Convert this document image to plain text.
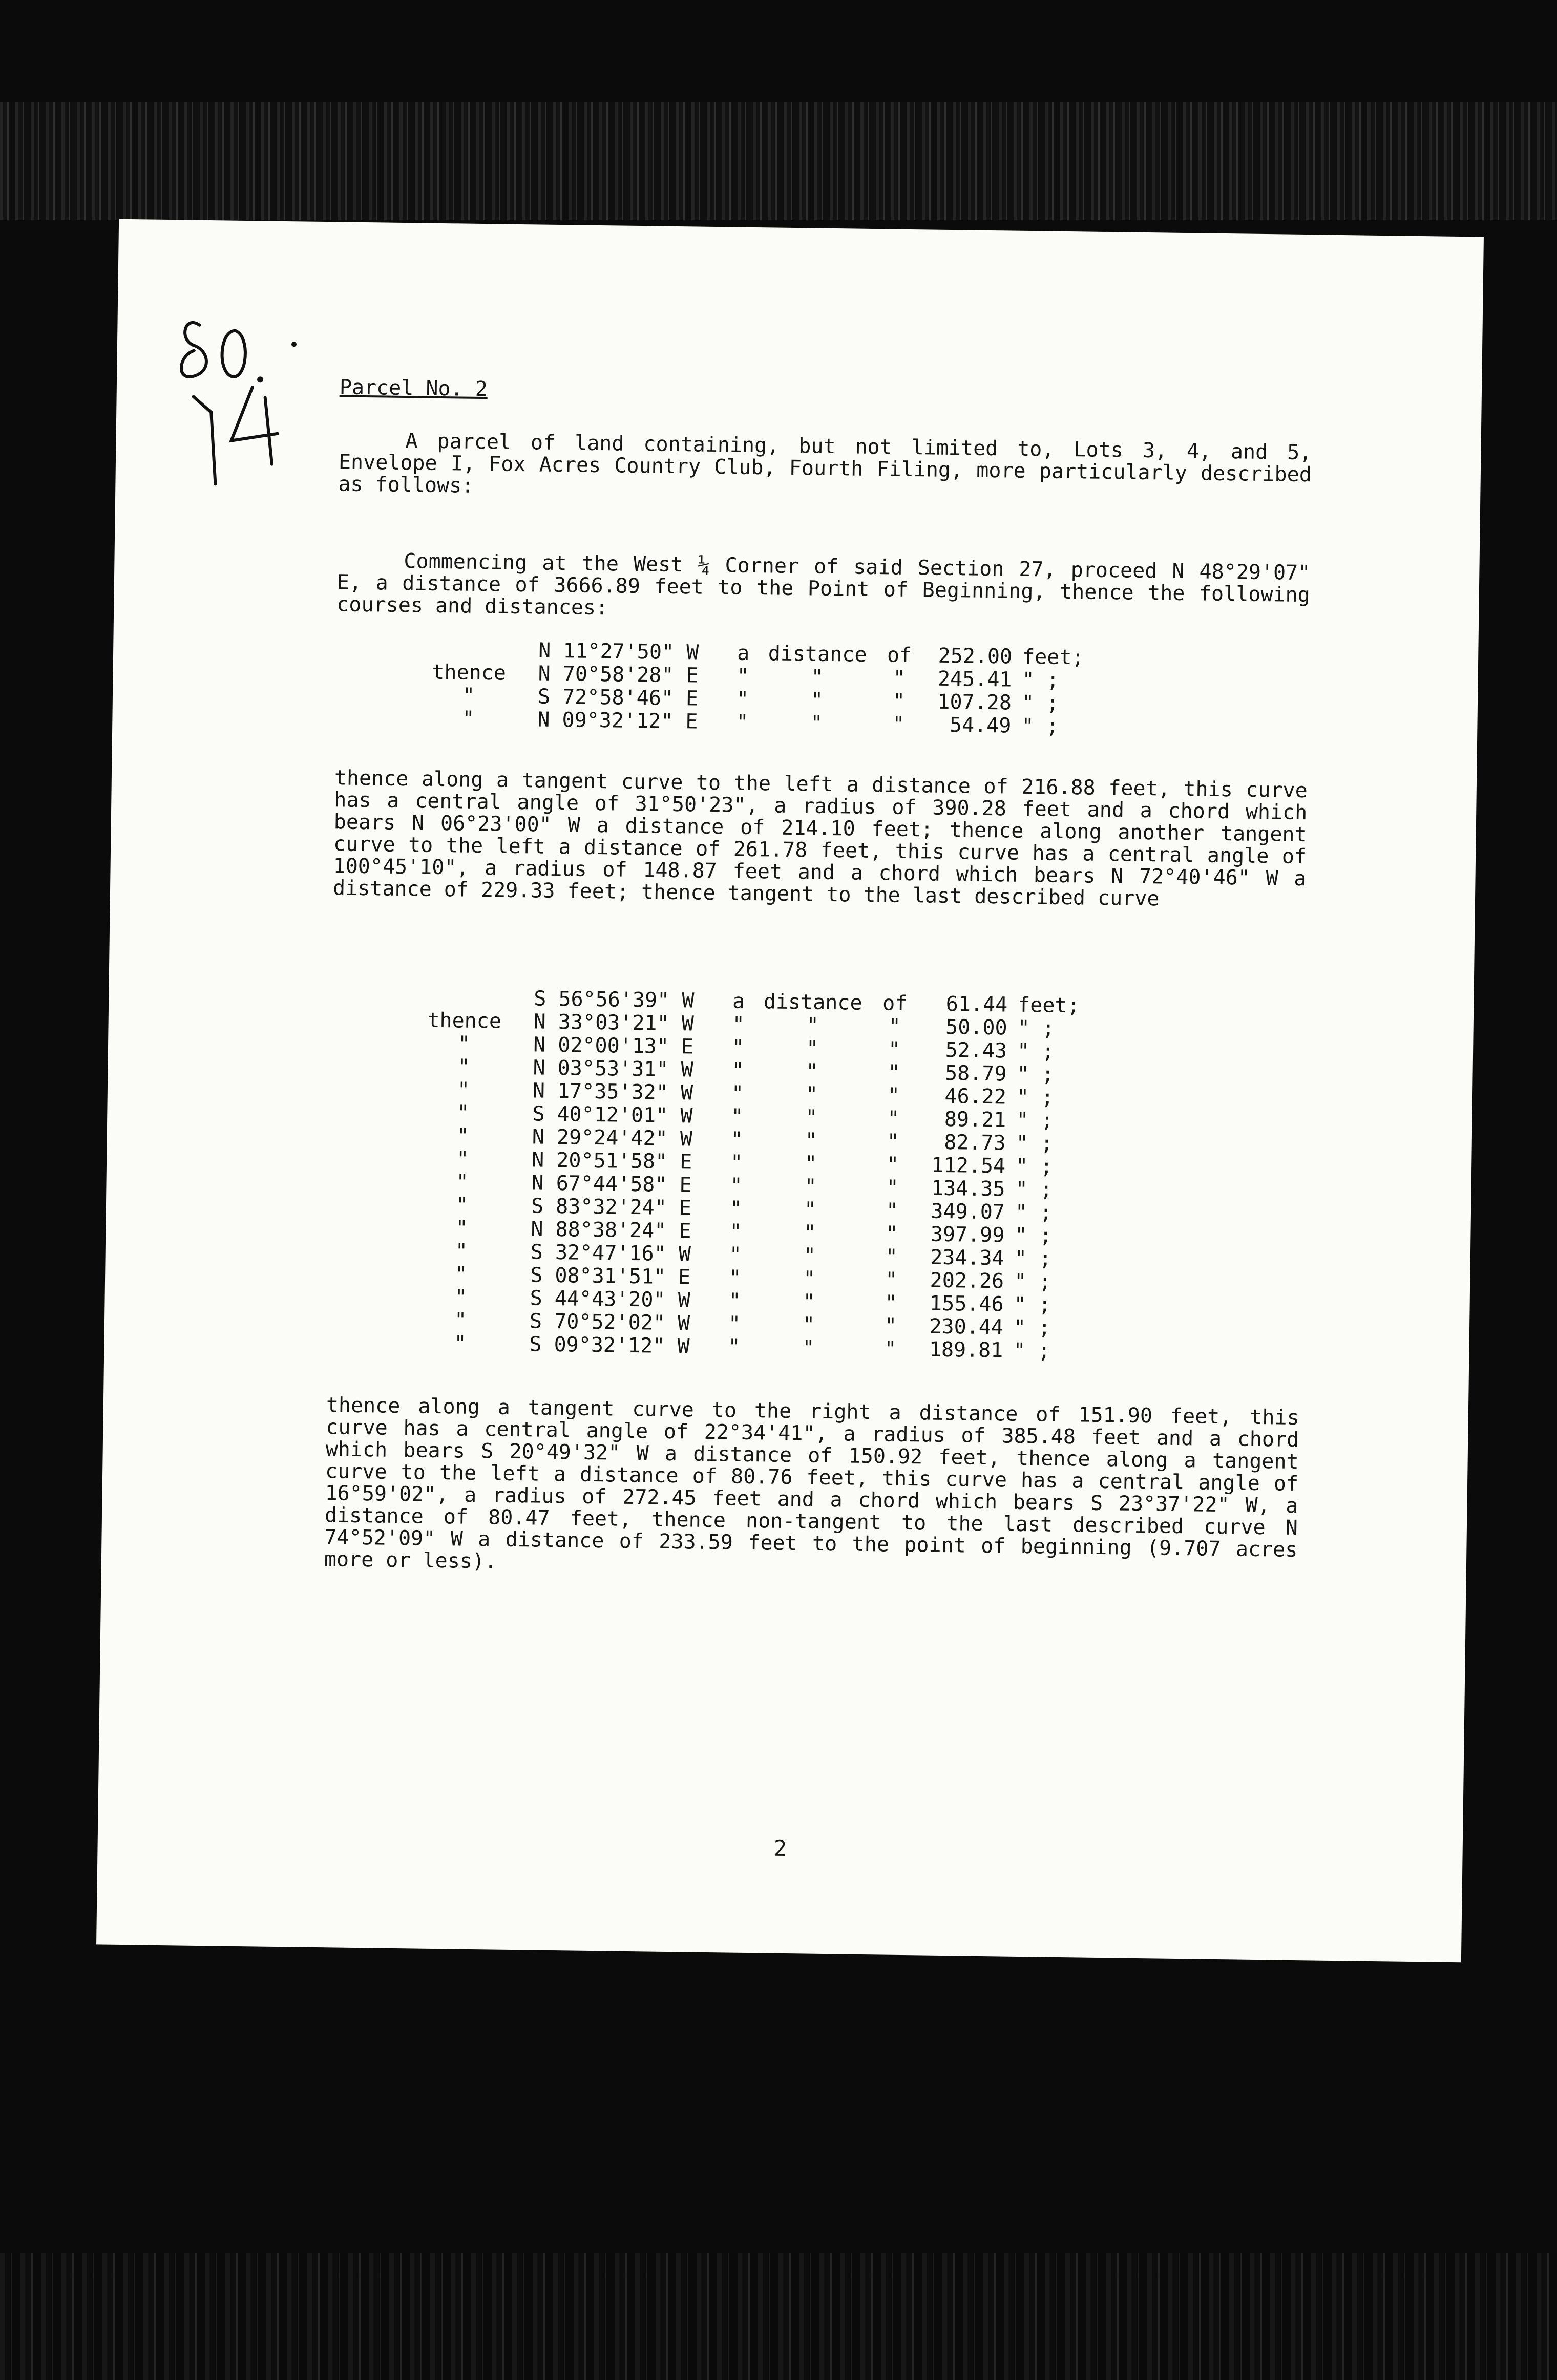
Parcel No. 2

A parcel of land containing, but not limited to, Lots 3, 4, and 5, Envelope I, Fox Acres Country Club, Fourth Filing, more particularly described as follows:

Commencing at the West ¼ Corner of said Section 27, proceed N 48°29'07" E, a distance of 3666.89 feet to the Point of Beginning, thence the following courses and distances:

	N 11°27'50" W	a	distance	of	252.00	feet;
thence	N 70°58'28" E	"	"	"	245.41	" ;
"	S 72°58'46" E	"	"	"	107.28	" ;
"	N 09°32'12" E	"	"	"	54.49	" ;

thence along a tangent curve to the left a distance of 216.88 feet, this curve has a central angle of 31°50'23", a radius of 390.28 feet and a chord which bears N 06°23'00" W a distance of 214.10 feet; thence along another tangent curve to the left a distance of 261.78 feet, this curve has a central angle of 100°45'10", a radius of 148.87 feet and a chord which bears N 72°40'46" W a distance of 229.33 feet; thence tangent to the last described curve

	S 56°56'39" W	a	distance	of	61.44	feet;
thence	N 33°03'21" W	"	"	"	50.00	" ;
"	N 02°00'13" E	"	"	"	52.43	" ;
"	N 03°53'31" W	"	"	"	58.79	" ;
"	N 17°35'32" W	"	"	"	46.22	" ;
"	S 40°12'01" W	"	"	"	89.21	" ;
"	N 29°24'42" W	"	"	"	82.73	" ;
"	N 20°51'58" E	"	"	"	112.54	" ;
"	N 67°44'58" E	"	"	"	134.35	" ;
"	S 83°32'24" E	"	"	"	349.07	" ;
"	N 88°38'24" E	"	"	"	397.99	" ;
"	S 32°47'16" W	"	"	"	234.34	" ;
"	S 08°31'51" E	"	"	"	202.26	" ;
"	S 44°43'20" W	"	"	"	155.46	" ;
"	S 70°52'02" W	"	"	"	230.44	" ;
"	S 09°32'12" W	"	"	"	189.81	" ;

thence along a tangent curve to the right a distance of 151.90 feet, this curve has a central angle of 22°34'41", a radius of 385.48 feet and a chord which bears S 20°49'32" W a distance of 150.92 feet, thence along a tangent curve to the left a distance of 80.76 feet, this curve has a central angle of 16°59'02", a radius of 272.45 feet and a chord which bears S 23°37'22" W, a distance of 80.47 feet, thence non-tangent to the last described curve N 74°52'09" W a distance of 233.59 feet to the point of beginning (9.707 acres more or less).

2
